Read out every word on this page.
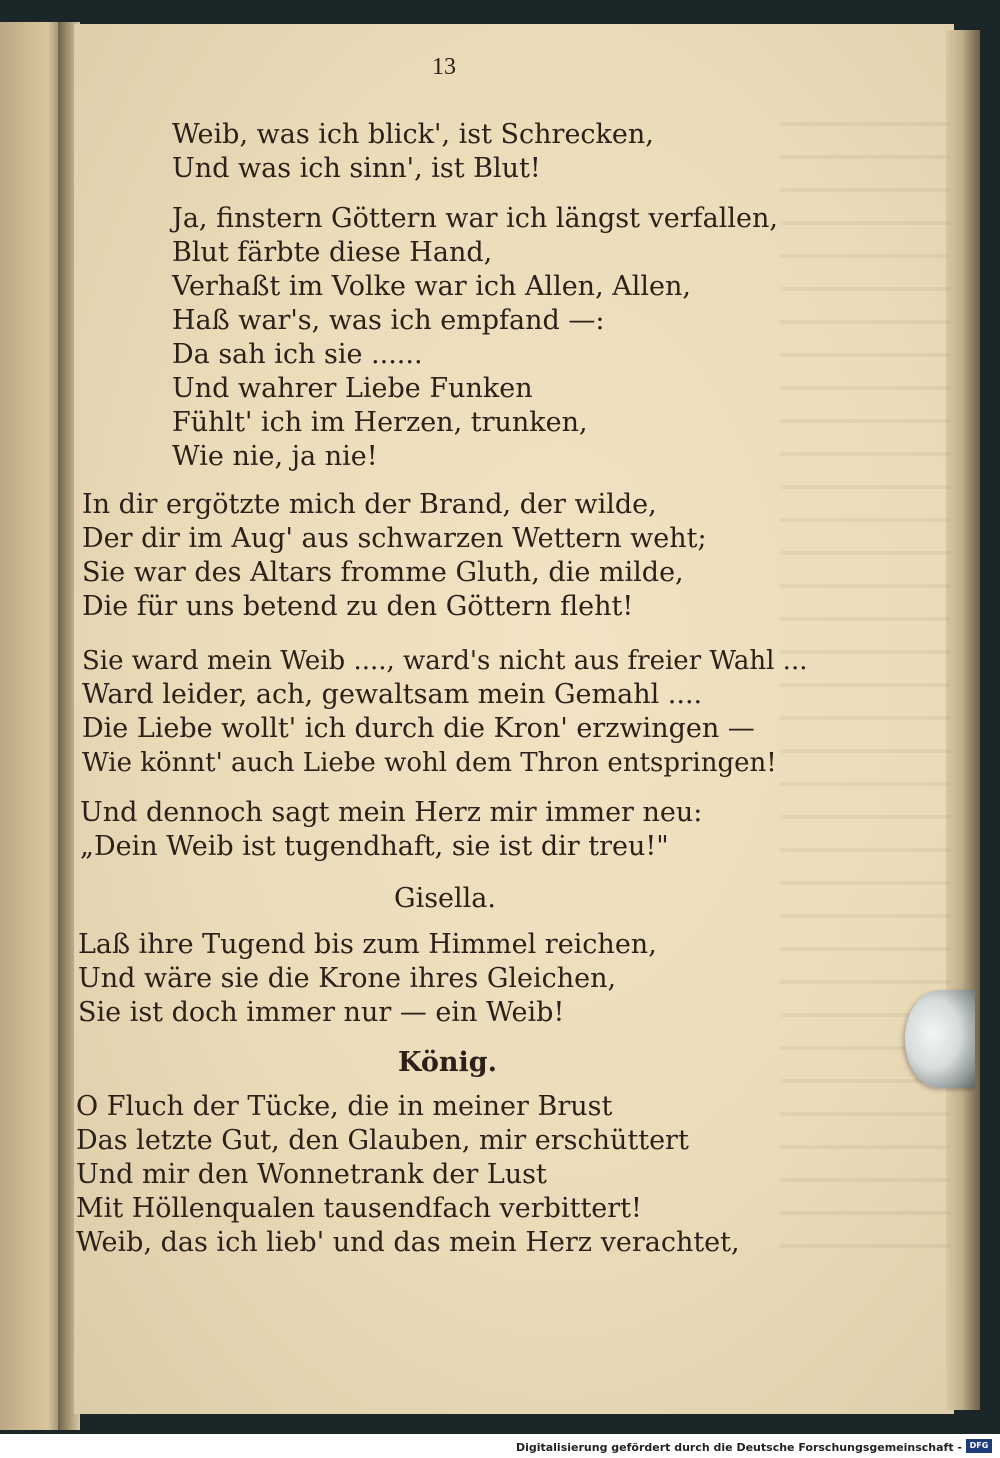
13
Weib, was ich blick', ist Schrecken,
Und was ich sinn', ist Blut!
Ja, finstern Göttern war ich längst verfallen,
Blut färbte diese Hand,
Verhaßt im Volke war ich Allen, Allen,
Haß war's, was ich empfand —:
Da sah ich sie ......
Und wahrer Liebe Funken
Fühlt' ich im Herzen, trunken,
Wie nie, ja nie!
In dir ergötzte mich der Brand, der wilde,
Der dir im Aug' aus schwarzen Wettern weht;
Sie war des Altars fromme Gluth, die milde,
Die für uns betend zu den Göttern fleht!
Sie ward mein Weib ...., ward's nicht aus freier Wahl ...
Ward leider, ach, gewaltsam mein Gemahl ....
Die Liebe wollt' ich durch die Kron' erzwingen —
Wie könnt' auch Liebe wohl dem Thron entspringen!
Und dennoch sagt mein Herz mir immer neu:
„Dein Weib ist tugendhaft, sie ist dir treu!"
Gisella.
Laß ihre Tugend bis zum Himmel reichen,
Und wäre sie die Krone ihres Gleichen,
Sie ist doch immer nur — ein Weib!
König.
O Fluch der Tücke, die in meiner Brust
Das letzte Gut, den Glauben, mir erschüttert
Und mir den Wonnetrank der Lust
Mit Höllenqualen tausendfach verbittert!
Weib, das ich lieb' und das mein Herz verachtet,
Digitalisierung gefördert durch die Deutsche Forschungsgemeinschaft - DFG
